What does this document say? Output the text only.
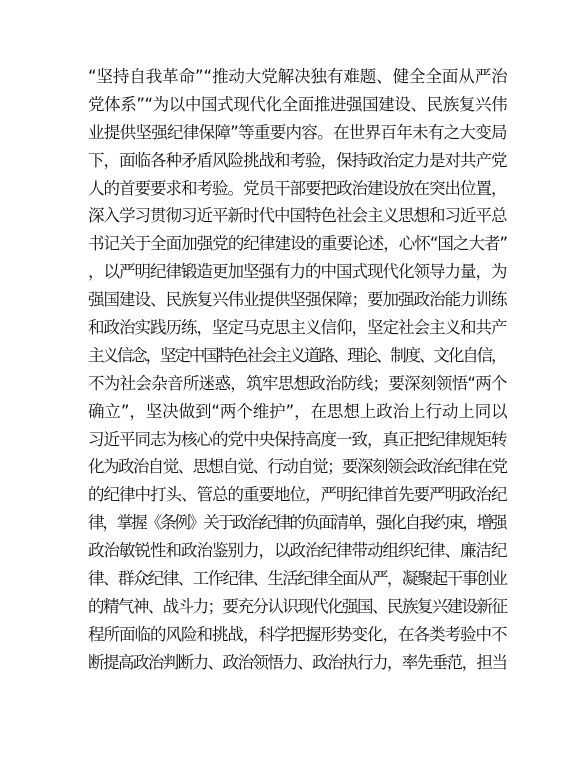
“坚持自我革命”“推动大党解决独有难题、健全全面从严治
党体系”“为以中国式现代化全面推进强国建设、民族复兴伟
业提供坚强纪律保障”等重要内容。在世界百年未有之大变局
下，面临各种矛盾风险挑战和考验，保持政治定力是对共产党
人的首要要求和考验。党员干部要把政治建设放在突出位置，
深入学习贯彻习近平新时代中国特色社会主义思想和习近平总
书记关于全面加强党的纪律建设的重要论述，心怀“国之大者”
，以严明纪律锻造更加坚强有力的中国式现代化领导力量，为
强国建设、民族复兴伟业提供坚强保障；要加强政治能力训练
和政治实践历练，坚定马克思主义信仰，坚定社会主义和共产
主义信念，坚定中国特色社会主义道路、理论、制度、文化自信，
不为社会杂音所迷惑，筑牢思想政治防线；要深刻领悟“两个
确立”，坚决做到“两个维护”，在思想上政治上行动上同以
习近平同志为核心的党中央保持高度一致，真正把纪律规矩转
化为政治自觉、思想自觉、行动自觉；要深刻领会政治纪律在党
的纪律中打头、管总的重要地位，严明纪律首先要严明政治纪
律，掌握《条例》关于政治纪律的负面清单，强化自我约束，增强
政治敏锐性和政治鉴别力，以政治纪律带动组织纪律、廉洁纪
律、群众纪律、工作纪律、生活纪律全面从严，凝聚起干事创业
的精气神、战斗力；要充分认识现代化强国、民族复兴建设新征
程所面临的风险和挑战，科学把握形势变化，在各类考验中不
断提高政治判断力、政治领悟力、政治执行力，率先垂范，担当
